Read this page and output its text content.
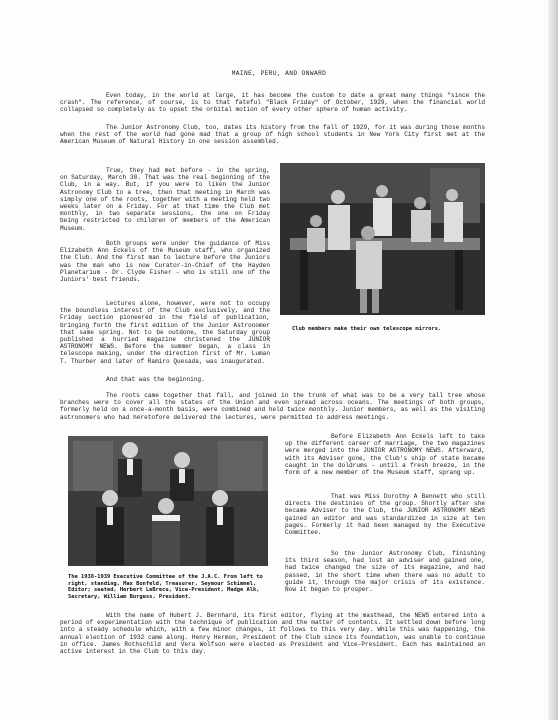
MAINE, PERU, AND ONWARD

Even today, in the world at large, it has become the custom to date a great many things "since the crash". The reference, of course, is to that fateful "Black Friday" of October, 1929, when the financial world collapsed so completely as to upset the orbital motion of every other sphere of human activity.

The Junior Astronomy Club, too, dates its history from the fall of 1929, for it was during those months when the rest of the world had gone mad that a group of high school students in New York City first met at the American Museum of Natural History in one session assembled.

True, they had met before - in the spring, on Saturday, March 30. That was the real beginning of the Club, in a way. But, if you were to liken the Junior Astronomy Club to a tree, then that meeting in March was simply one of the roots, together with a meeting held two weeks later on a Friday. For at that time the Club met monthly, in two separate sessions, the one on Friday being restricted to children of members of the American Museum.

Both groups were under the guidance of Miss Elizabeth Ann Eckels of the Museum staff, who organized the Club. And the first man to lecture before the Juniors was the man who is now Curator-in-Chief of the Hayden Planetarium - Dr. Clyde Fisher - who is still one of the Juniors' best friends.

Lectures alone, however, were not to occupy the boundless interest of the Club exclusively, and the Friday section pioneered in the field of publication, bringing forth the first edition of the Junior Astronomer that same spring. Not to be outdone, the Saturday group published a hurried magazine christened the JUNIOR ASTRONOMY NEWS. Before the summer began, a class in telescope making, under the direction first of Mr. Luman T. Thurber and later of Ramiro Quesada, was inaugurated.

Club members make their own telescope mirrors.

And that was the beginning.

The roots came together that fall, and joined in the trunk of what was to be a very tall tree whose branches were to cover all the states of the Union and even spread across oceans. The meetings of both groups, formerly held on a once-a-month basis, were combined and held twice monthly. Junior members, as well as the visiting astronomers who had heretofore delivered the lectures, were permitted to address meetings.

The 1938-1939 Executive Committee of the J.A.C. From left to right, standing, Max Bonfeld, Treasurer, Seymour Schimmel, Editor; seated, Herbert LeBrecu, Vice-President, Madge Alk, Secretary, William Burgess, President.

Before Elizabeth Ann Eckels left to take up the different career of marriage, the two magazines were merged into the JUNIOR ASTRONOMY NEWS. Afterward, with its Adviser gone, the Club's ship of state became caught in the doldrums - until a fresh breeze, in the form of a new member of the Museum staff, sprang up.

That was Miss Dorothy A Bennett who still directs the destinies of the group. Shortly after she became Adviser to the Club, the JUNIOR ASTRONOMY NEWS gained an editor and was standardized in size at ten pages. Formerly it had been managed by the Executive Committee.

So the Junior Astronomy Club, finishing its third season, had lost an adviser and gained one, had twice changed the size of its magazine, and had passed, in the short time when there was no adult to guide it, through the major crisis of its existence. Now it began to prosper.

With the name of Hubert J. Bernhard, its first editor, flying at the masthead, the NEWS entered into a period of experimentation with the technique of publication and the matter of contents. It settled down before long into a steady schedule which, with a few minor changes, it follows to this very day. While this was happening, the annual election of 1932 came along. Henry Hermon, President of the Club since its foundation, was unable to continue in office. James Rothschild and Vera Wolfson were elected as President and Vice-President. Each has maintained an active interest in the Club to this day.
